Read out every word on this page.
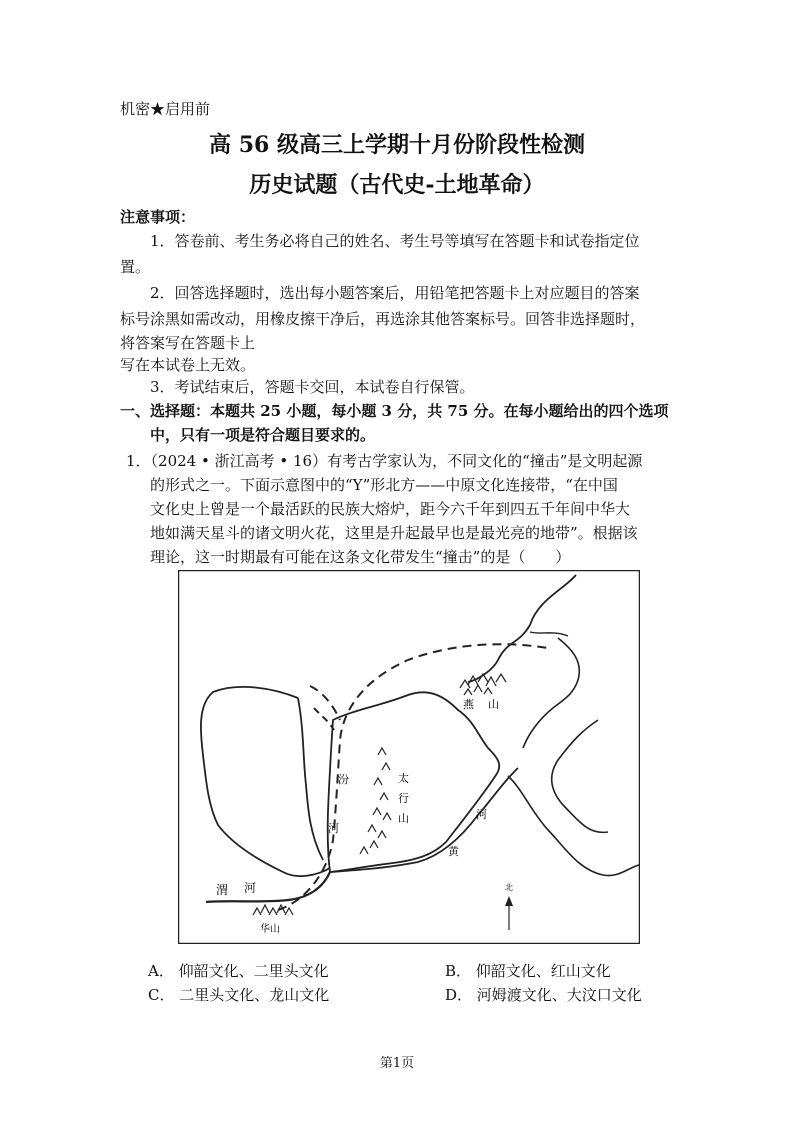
机密★启用前
高 56 级高三上学期十月份阶段性检测
历史试题（古代史-土地革命）
注意事项：
1．答卷前、考生务必将自己的姓名、考生号等填写在答题卡和试卷指定位
置。
2．回答选择题时，选出每小题答案后，用铅笔把答题卡上对应题目的答案
标号涂黑如需改动，用橡皮擦干净后，再选涂其他答案标号。回答非选择题时，
将答案写在答题卡上
写在本试卷上无效。
3．考试结束后，答题卡交回，本试卷自行保管。
一、选择题：本题共 25 小题，每小题 3 分，共 75 分。在每小题给出的四个选项
中，只有一项是符合题目要求的。
1．（2024 • 浙江高考 • 16）有考古学家认为，不同文化的“撞击”是文明起源
的形式之一。下面示意图中的“Y”形北方——中原文化连接带，“在中国
文化史上曾是一个最活跃的民族大熔炉，距今六千年到四五千年间中华大
地如满天星斗的诸文明火花，这里是升起最早也是最光亮的地带”。根据该
理论，这一时期最有可能在这条文化带发生“撞击”的是（　　）
燕 山
太
行
山
汾
河
黄
河
渭 河
华山
北
A． 仰韶文化、二里头文化	B． 仰韶文化、红山文化
C． 二里头文化、龙山文化	D． 河姆渡文化、大汶口文化
第1页
